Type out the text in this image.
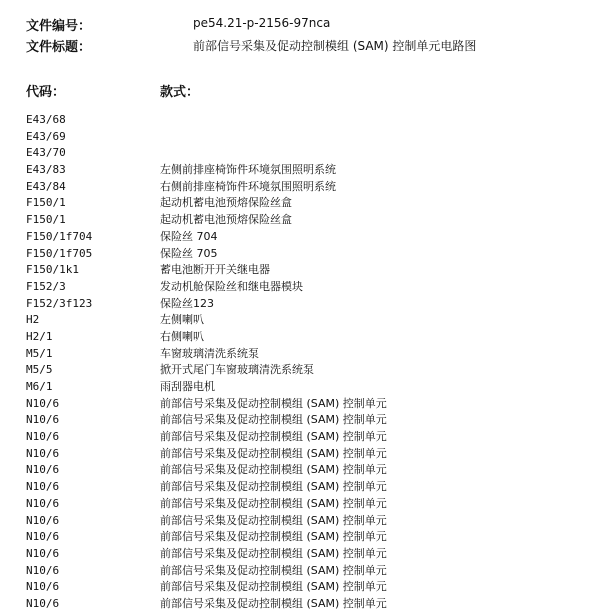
文件编号：	pe54.21-p-2156-97nca
文件标题：	前部信号采集及促动控制模组 (SAM) 控制单元电路图
代码：	款式：
E43/68
E43/69
E43/70
E43/83	左侧前排座椅饰件环境氛围照明系统
E43/84	右侧前排座椅饰件环境氛围照明系统
F150/1	起动机蓄电池预熔保险丝盒
F150/1	起动机蓄电池预熔保险丝盒
F150/1f704	保险丝 704
F150/1f705	保险丝 705
F150/1k1	蓄电池断开开关继电器
F152/3	发动机舱保险丝和继电器模块
F152/3f123	保险丝123
H2	左侧喇叭
H2/1	右侧喇叭
M5/1	车窗玻璃清洗系统泵
M5/5	掀开式尾门车窗玻璃清洗系统泵
M6/1	雨刮器电机
N10/6	前部信号采集及促动控制模组 (SAM) 控制单元
N10/6	前部信号采集及促动控制模组 (SAM) 控制单元
N10/6	前部信号采集及促动控制模组 (SAM) 控制单元
N10/6	前部信号采集及促动控制模组 (SAM) 控制单元
N10/6	前部信号采集及促动控制模组 (SAM) 控制单元
N10/6	前部信号采集及促动控制模组 (SAM) 控制单元
N10/6	前部信号采集及促动控制模组 (SAM) 控制单元
N10/6	前部信号采集及促动控制模组 (SAM) 控制单元
N10/6	前部信号采集及促动控制模组 (SAM) 控制单元
N10/6	前部信号采集及促动控制模组 (SAM) 控制单元
N10/6	前部信号采集及促动控制模组 (SAM) 控制单元
N10/6	前部信号采集及促动控制模组 (SAM) 控制单元
N10/6	前部信号采集及促动控制模组 (SAM) 控制单元
